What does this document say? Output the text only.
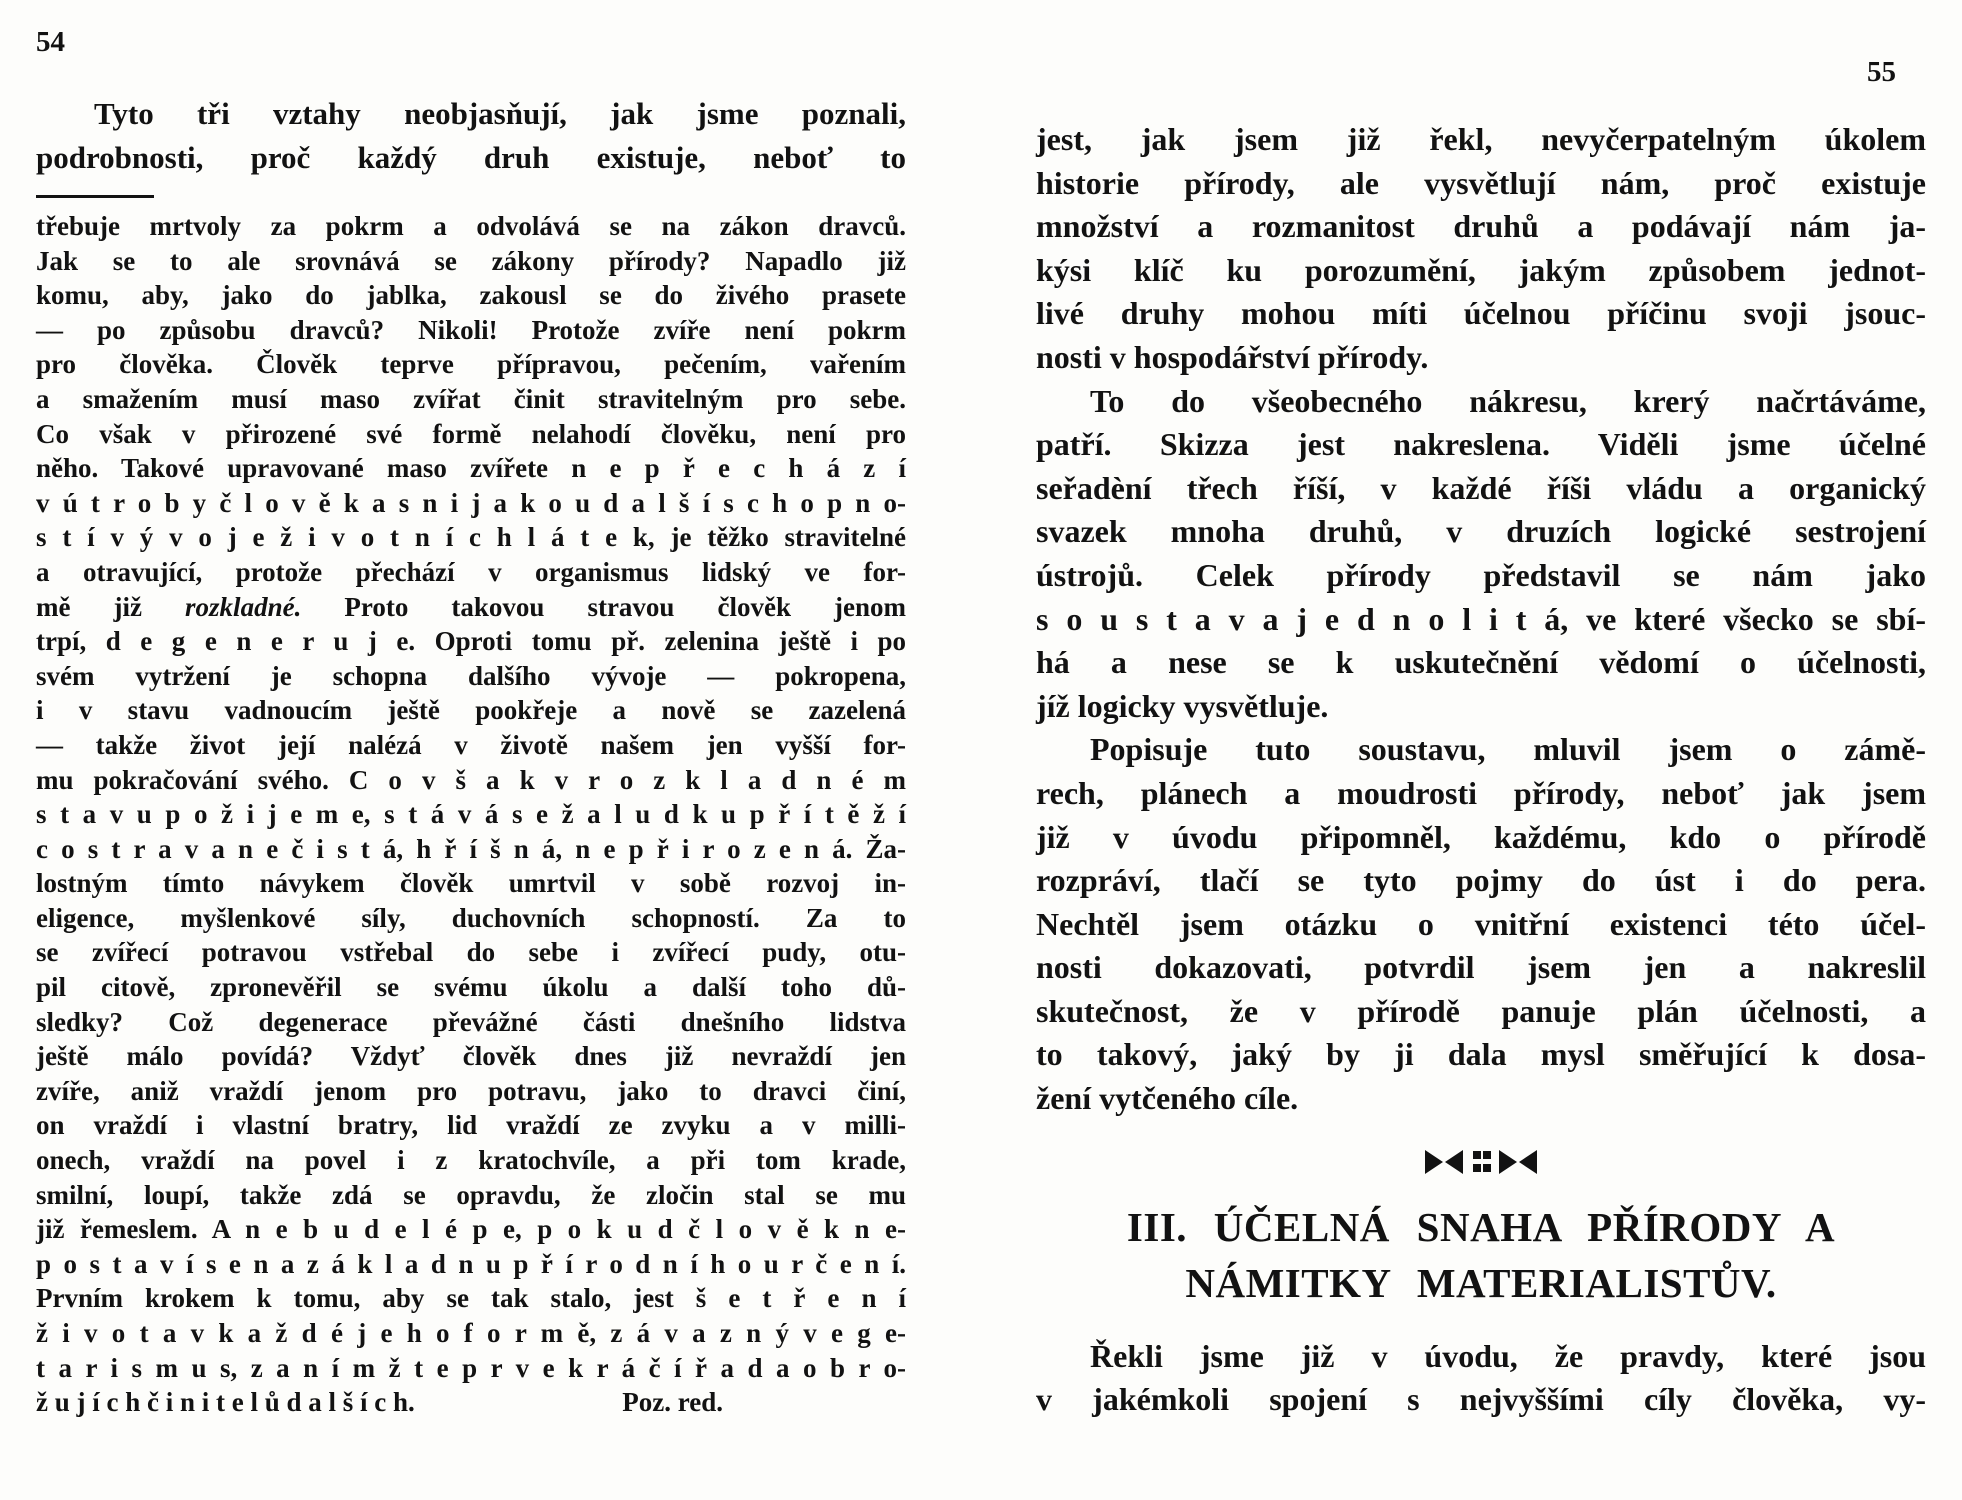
54
Tyto tři vztahy neobjasňují, jak jsme poznali,
podrobnosti, proč každý druh existuje, neboť to
třebuje mrtvoly za pokrm a odvolává se na zákon dravců.
Jak se to ale srovnává se zákony přírody? Napadlo již
komu, aby, jako do jablka, zakousl se do živého prasete
— po způsobu dravců? Nikoli! Protože zvíře není pokrm
pro člověka. Člověk teprve přípravou, pečením, vařením
a smažením musí maso zvířat činit stravitelným pro sebe.
Co však v přirozené své formě nelahodí člověku, není pro
něho. Takové upravované maso zvířete n e p ř e c h á z í
v ú t r o b y č l o v ě k a s n i j a k o u d a l š í s c h o p n o-
s t í v ý v o j e ž i v o t n í c h l á t e k, je těžko stravitelné
a otravující, protože přechází v organismus lidský ve for-
mě již rozkladné. Proto takovou stravou člověk jenom
trpí, d e g e n e r u j e. Oproti tomu př. zelenina ještě i po
svém vytržení je schopna dalšího vývoje — pokropena,
i v stavu vadnoucím ještě pookřeje a nově se zazelená
— takže život její nalézá v životě našem jen vyšší for-
mu pokračování svého. C o v š a k v r o z k l a d n é m
s t a v u p o ž i j e m e, s t á v á s e ž a l u d k u p ř í t ě ž í
c o s t r a v a n e č i s t á, h ř í š n á, n e p ř i r o z e n á. Ža-
lostným tímto návykem člověk umrtvil v sobě rozvoj in-
eligence, myšlenkové síly, duchovních schopností. Za to
se zvířecí potravou vstřebal do sebe i zvířecí pudy, otu-
pil citově, zpronevěřil se svému úkolu a další toho dů-
sledky? Což degenerace převážné části dnešního lidstva
ještě málo povídá? Vždyť člověk dnes již nevraždí jen
zvíře, aniž vraždí jenom pro potravu, jako to dravci činí,
on vraždí i vlastní bratry, lid vraždí ze zvyku a v milli-
onech, vraždí na povel i z kratochvíle, a při tom krade,
smilní, loupí, takže zdá se opravdu, že zločin stal se mu
již řemeslem. A n e b u d e l é p e, p o k u d č l o v ě k n e-
p o s t a v í s e n a z á k l a d n u p ř í r o d n í h o u r č e n í.
Prvním krokem k tomu, aby se tak stalo, jest š e t ř e n í
ž i v o t a v k a ž d é j e h o f o r m ě, z á v a z n ý v e g e-
t a r i s m u s, z a n í m ž t e p r v e k r á č í ř a d a o b r o-
ž u j í c h č i n i t e l ů d a l š í c h.	Poz. red.
55
jest, jak jsem již řekl, nevyčerpatelným úkolem
historie přírody, ale vysvětlují nám, proč existuje
množství a rozmanitost druhů a podávají nám ja-
kýsi klíč ku porozumění, jakým způsobem jednot-
livé druhy mohou míti účelnou příčinu svoji jsouc-
nosti v hospodářství přírody.
To do všeobecného nákresu, krerý načrtáváme,
patří. Skizza jest nakreslena. Viděli jsme účelné
seřadèní třech říší, v každé říši vládu a organický
svazek mnoha druhů, v druzích logické sestrojení
ústrojů. Celek přírody představil se nám jako
s o u s t a v a j e d n o l i t á, ve které všecko se sbí-
há a nese se k uskutečnění vědomí o účelnosti,
jíž logicky vysvětluje.
Popisuje tuto soustavu, mluvil jsem o zámě-
rech, plánech a moudrosti přírody, neboť jak jsem
již v úvodu připomněl, každému, kdo o přírodě
rozpráví, tlačí se tyto pojmy do úst i do pera.
Nechtěl jsem otázku o vnitřní existenci této účel-
nosti dokazovati, potvrdil jsem jen a nakreslil
skutečnost, že v přírodě panuje plán účelnosti, a
to takový, jaký by ji dala mysl směřující k dosa-
žení vytčeného cíle.
III. ÚČELNÁ SNAHA PŘÍRODY A
NÁMITKY MATERIALISTŮV.
Řekli jsme již v úvodu, že pravdy, které jsou
v jakémkoli spojení s nejvyššími cíly člověka, vy-
